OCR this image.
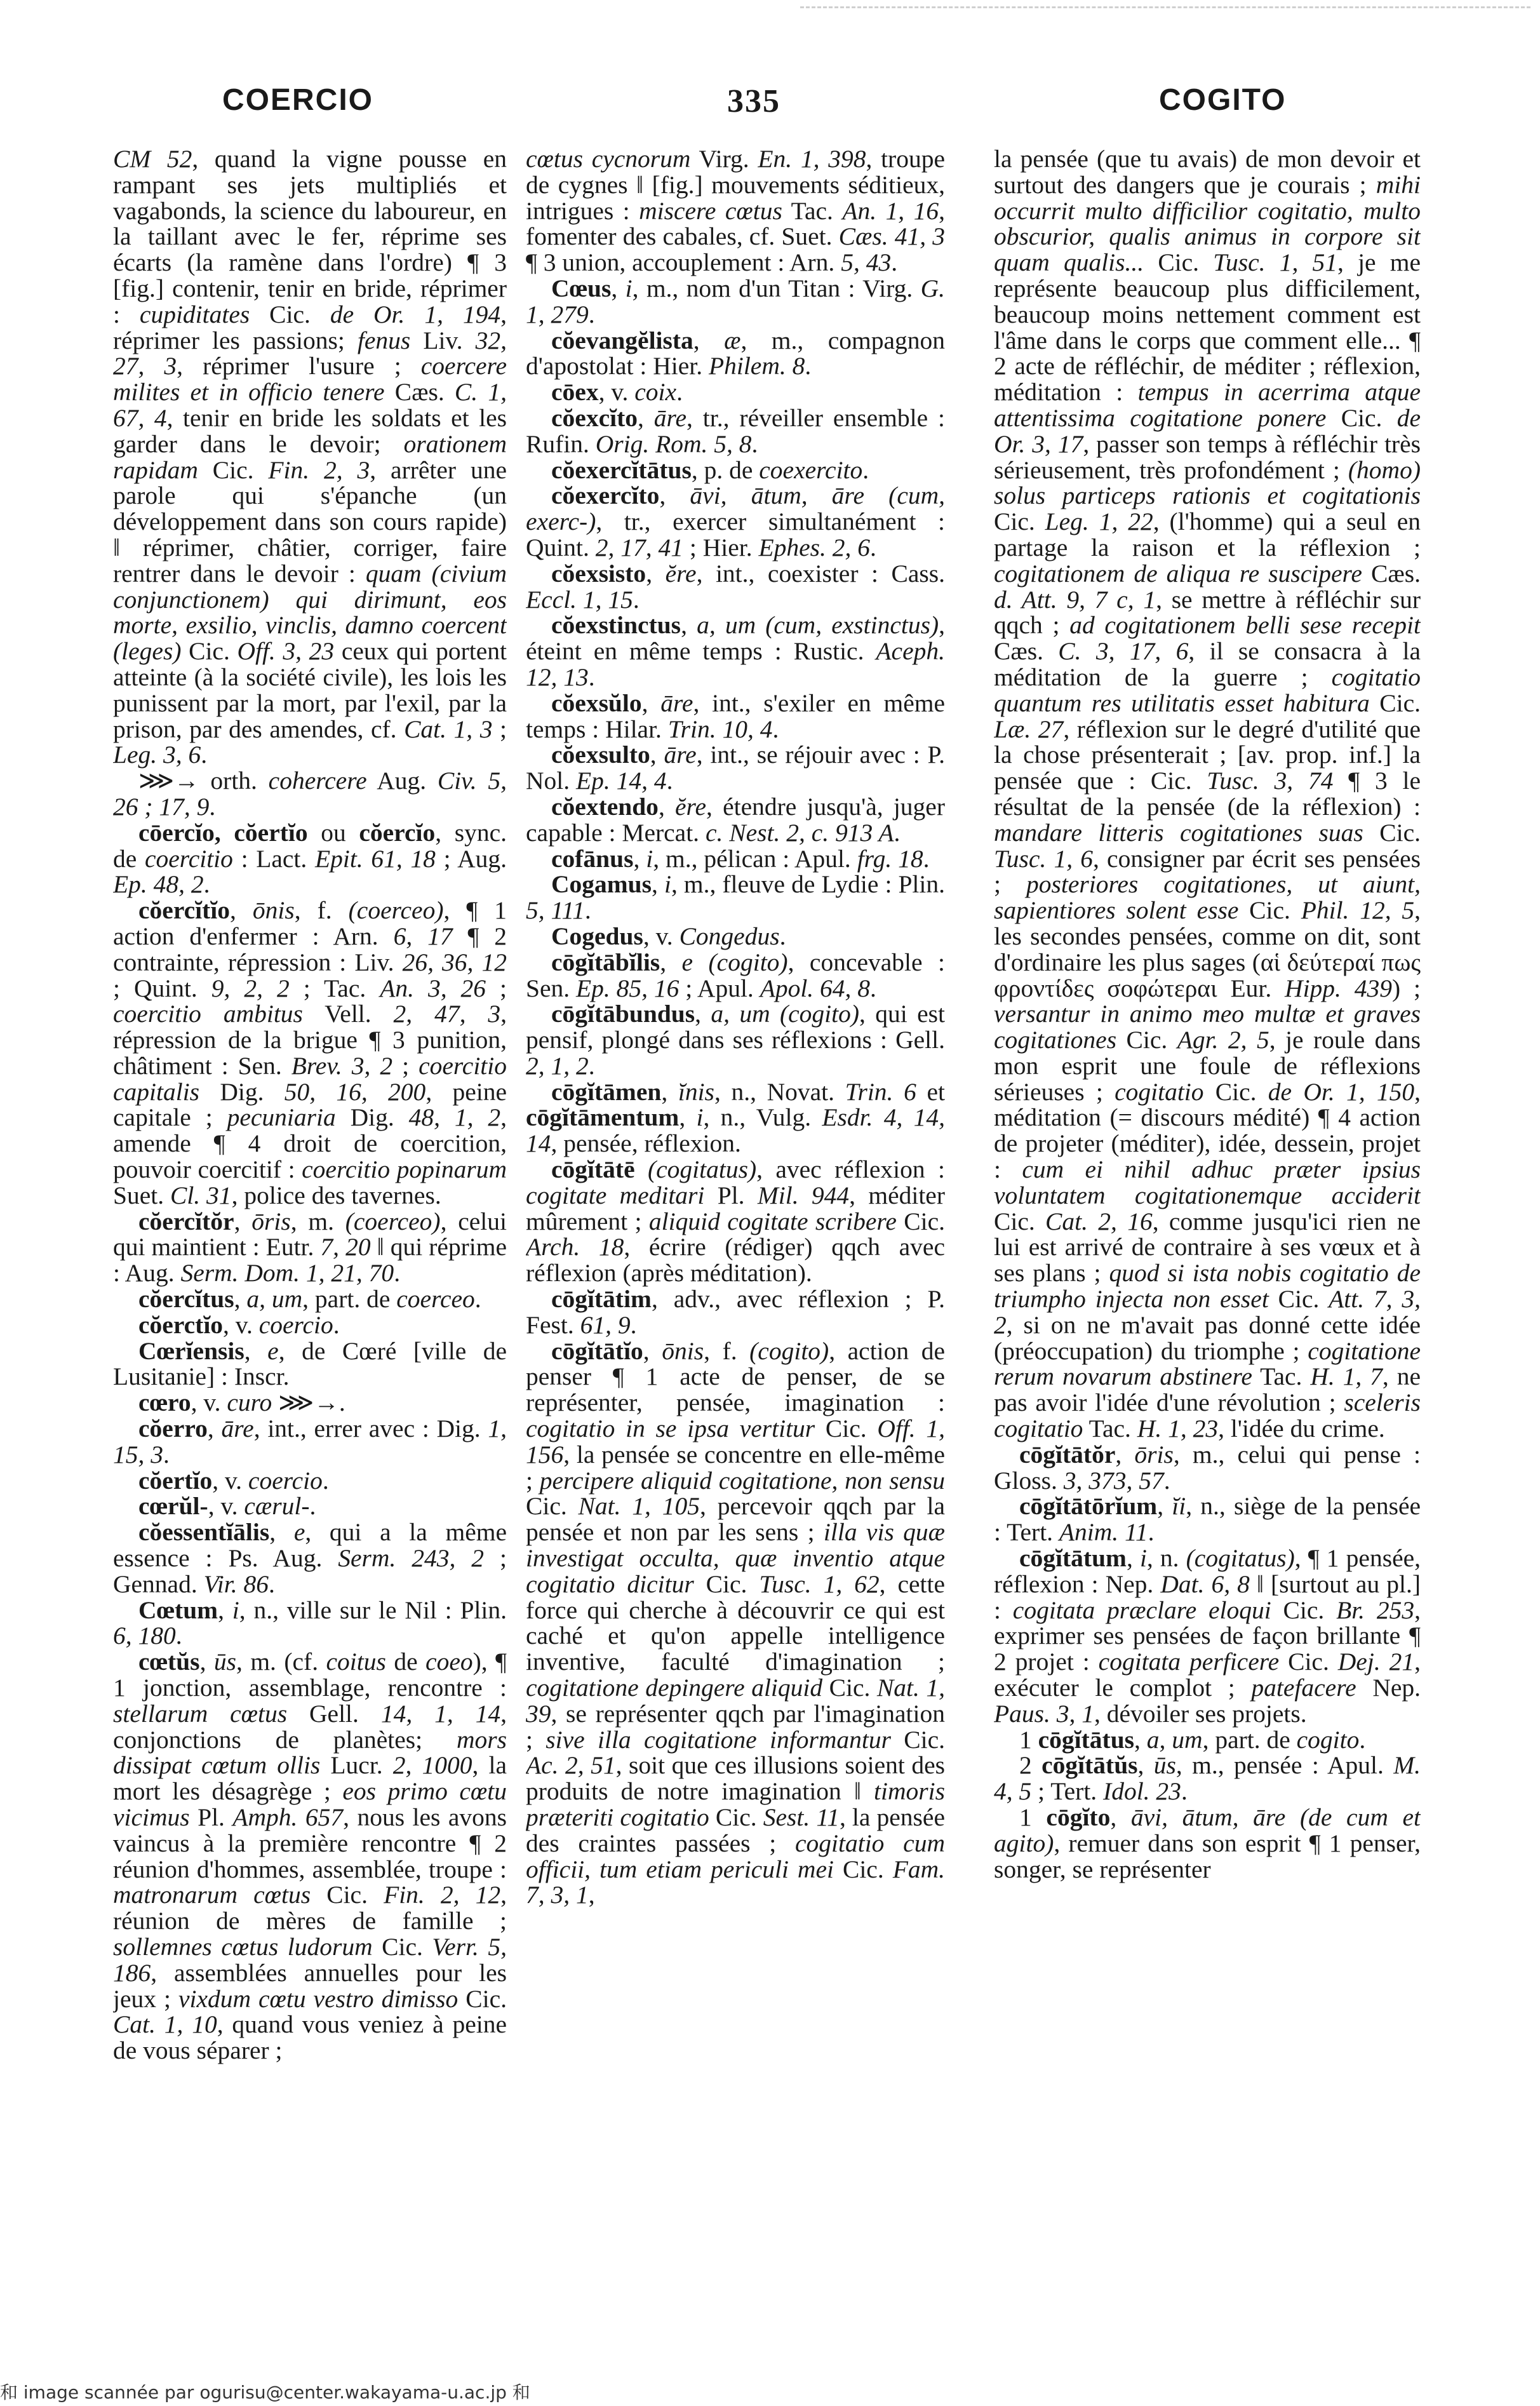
COERCIO	335	COGITO

CM 52, quand la vigne pousse en rampant ses jets multipliés et vagabonds, la science du laboureur, en la taillant avec le fer, réprime ses écarts (la ramène dans l'ordre) ¶ 3 [fig.] contenir, tenir en bride, réprimer : cupiditates Cic. de Or. 1, 194, réprimer les passions; fenus Liv. 32, 27, 3, réprimer l'usure ; coercere milites et in officio tenere Cæs. C. 1, 67, 4, tenir en bride les soldats et les garder dans le devoir; orationem rapidam Cic. Fin. 2, 3, arrêter une parole qui s'épanche (un développement dans son cours rapide) ‖ réprimer, châtier, corriger, faire rentrer dans le devoir : quam (civium conjunctionem) qui dirimunt, eos morte, exsilio, vinclis, damno coercent (leges) Cic. Off. 3, 23 ceux qui portent atteinte (à la société civile), les lois les punissent par la mort, par l'exil, par la prison, par des amendes, cf. Cat. 1, 3 ; Leg. 3, 6.

⋙→ orth. cohercere Aug. Civ. 5, 26 ; 17, 9.

cōercĭo, cŏertĭo ou cŏercĭo, sync. de coercitio : Lact. Epit. 61, 18 ; Aug. Ep. 48, 2.

cŏercĭtĭo, ōnis, f. (coerceo), ¶ 1 action d'enfermer : Arn. 6, 17 ¶ 2 contrainte, répression : Liv. 26, 36, 12 ; Quint. 9, 2, 2 ; Tac. An. 3, 26 ; coercitio ambitus Vell. 2, 47, 3, répression de la brigue ¶ 3 punition, châtiment : Sen. Brev. 3, 2 ; coercitio capitalis Dig. 50, 16, 200, peine capitale ; pecuniaria Dig. 48, 1, 2, amende ¶ 4 droit de coercition, pouvoir coercitif : coercitio popinarum Suet. Cl. 31, police des tavernes.

cŏercĭtŏr, ōris, m. (coerceo), celui qui maintient : Eutr. 7, 20 ‖ qui réprime : Aug. Serm. Dom. 1, 21, 70.

cŏercĭtus, a, um, part. de coerceo.

cŏerctĭo, v. coercio.

Cœrĭensis, e, de Cœré [ville de Lusitanie] : Inscr.

cœro, v. curo ⋙→.

cŏerro, āre, int., errer avec : Dig. 1, 15, 3.

cŏertĭo, v. coercio.

cœrŭl-, v. cærul-.

cŏessentĭālis, e, qui a la même essence : Ps. Aug. Serm. 243, 2 ; Gennad. Vir. 86.

Cœtum, i, n., ville sur le Nil : Plin. 6, 180.

cœtŭs, ūs, m. (cf. coitus de coeo), ¶ 1 jonction, assemblage, rencontre : stellarum cœtus Gell. 14, 1, 14, conjonctions de planètes; mors dissipat cœtum ollis Lucr. 2, 1000, la mort les désagrège ; eos primo cœtu vicimus Pl. Amph. 657, nous les avons vaincus à la première rencontre ¶ 2 réunion d'hommes, assemblée, troupe : matronarum cœtus Cic. Fin. 2, 12, réunion de mères de famille ; sollemnes cœtus ludorum Cic. Verr. 5, 186, assemblées annuelles pour les jeux ; vixdum cœtu vestro dimisso Cic. Cat. 1, 10, quand vous veniez à peine de vous séparer ;

cœtus cycnorum Virg. En. 1, 398, troupe de cygnes ‖ [fig.] mouvements séditieux, intrigues : miscere cœtus Tac. An. 1, 16, fomenter des cabales, cf. Suet. Cæs. 41, 3 ¶ 3 union, accouplement : Arn. 5, 43.

Cœus, i, m., nom d'un Titan : Virg. G. 1, 279.

cŏevangĕlista, æ, m., compagnon d'apostolat : Hier. Philem. 8.

cōex, v. coix.

cŏexcĭto, āre, tr., réveiller ensemble : Rufin. Orig. Rom. 5, 8.

cŏexercĭtātus, p. de coexercito.

cŏexercĭto, āvi, ātum, āre (cum, exerc-), tr., exercer simultanément : Quint. 2, 17, 41 ; Hier. Ephes. 2, 6.

cŏexsisto, ĕre, int., coexister : Cass. Eccl. 1, 15.

cŏexstinctus, a, um (cum, exstinctus), éteint en même temps : Rustic. Aceph. 12, 13.

cŏexsŭlo, āre, int., s'exiler en même temps : Hilar. Trin. 10, 4.

cŏexsulto, āre, int., se réjouir avec : P. Nol. Ep. 14, 4.

cŏextendo, ĕre, étendre jusqu'à, juger capable : Mercat. c. Nest. 2, c. 913 A.

cofānus, i, m., pélican : Apul. frg. 18.

Cogamus, i, m., fleuve de Lydie : Plin. 5, 111.

Cogedus, v. Congedus.

cōgĭtābĭlis, e (cogito), concevable : Sen. Ep. 85, 16 ; Apul. Apol. 64, 8.

cōgĭtābundus, a, um (cogito), qui est pensif, plongé dans ses réflexions : Gell. 2, 1, 2.

cōgĭtāmen, ĭnis, n., Novat. Trin. 6 et cōgĭtāmentum, i, n., Vulg. Esdr. 4, 14, 14, pensée, réflexion.

cōgĭtātē (cogitatus), avec réflexion : cogitate meditari Pl. Mil. 944, méditer mûrement ; aliquid cogitate scribere Cic. Arch. 18, écrire (rédiger) qqch avec réflexion (après méditation).

cōgĭtātim, adv., avec réflexion ; P. Fest. 61, 9.

cōgĭtātĭo, ōnis, f. (cogito), action de penser ¶ 1 acte de penser, de se représenter, pensée, imagination : cogitatio in se ipsa vertitur Cic. Off. 1, 156, la pensée se concentre en elle-même ; percipere aliquid cogitatione, non sensu Cic. Nat. 1, 105, percevoir qqch par la pensée et non par les sens ; illa vis quæ investigat occulta, quæ inventio atque cogitatio dicitur Cic. Tusc. 1, 62, cette force qui cherche à découvrir ce qui est caché et qu'on appelle intelligence inventive, faculté d'imagination ; cogitatione depingere aliquid Cic. Nat. 1, 39, se représenter qqch par l'imagination ; sive illa cogitatione informantur Cic. Ac. 2, 51, soit que ces illusions soient des produits de notre imagination ‖ timoris præteriti cogitatio Cic. Sest. 11, la pensée des craintes passées ; cogitatio cum officii, tum etiam periculi mei Cic. Fam. 7, 3, 1,

la pensée (que tu avais) de mon devoir et surtout des dangers que je courais ; mihi occurrit multo difficilior cogitatio, multo obscurior, qualis animus in corpore sit quam qualis... Cic. Tusc. 1, 51, je me représente beaucoup plus difficilement, beaucoup moins nettement comment est l'âme dans le corps que comment elle... ¶ 2 acte de réfléchir, de méditer ; réflexion, méditation : tempus in acerrima atque attentissima cogitatione ponere Cic. de Or. 3, 17, passer son temps à réfléchir très sérieusement, très profondément ; (homo) solus particeps rationis et cogitationis Cic. Leg. 1, 22, (l'homme) qui a seul en partage la raison et la réflexion ; cogitationem de aliqua re suscipere Cæs. d. Att. 9, 7 c, 1, se mettre à réfléchir sur qqch ; ad cogitationem belli sese recepit Cæs. C. 3, 17, 6, il se consacra à la méditation de la guerre ; cogitatio quantum res utilitatis esset habitura Cic. Læ. 27, réflexion sur le degré d'utilité que la chose présenterait ; [av. prop. inf.] la pensée que : Cic. Tusc. 3, 74 ¶ 3 le résultat de la pensée (de la réflexion) : mandare litteris cogitationes suas Cic. Tusc. 1, 6, consigner par écrit ses pensées ; posteriores cogitationes, ut aiunt, sapientiores solent esse Cic. Phil. 12, 5, les secondes pensées, comme on dit, sont d'ordinaire les plus sages (αἱ δεύτεραί πως φροντίδες σοφώτεραι Eur. Hipp. 439) ; versantur in animo meo multæ et graves cogitationes Cic. Agr. 2, 5, je roule dans mon esprit une foule de réflexions sérieuses ; cogitatio Cic. de Or. 1, 150, méditation (= discours médité) ¶ 4 action de projeter (méditer), idée, dessein, projet : cum ei nihil adhuc præter ipsius voluntatem cogitationemque acciderit Cic. Cat. 2, 16, comme jusqu'ici rien ne lui est arrivé de contraire à ses vœux et à ses plans ; quod si ista nobis cogitatio de triumpho injecta non esset Cic. Att. 7, 3, 2, si on ne m'avait pas donné cette idée (préoccupation) du triomphe ; cogitatione rerum novarum abstinere Tac. H. 1, 7, ne pas avoir l'idée d'une révolution ; sceleris cogitatio Tac. H. 1, 23, l'idée du crime.

cōgĭtātŏr, ōris, m., celui qui pense : Gloss. 3, 373, 57.

cōgĭtātōrĭum, ĭi, n., siège de la pensée : Tert. Anim. 11.

cōgĭtātum, i, n. (cogitatus), ¶ 1 pensée, réflexion : Nep. Dat. 6, 8 ‖ [surtout au pl.] : cogitata præclare eloqui Cic. Br. 253, exprimer ses pensées de façon brillante ¶ 2 projet : cogitata perficere Cic. Dej. 21, exécuter le complot ; patefacere Nep. Paus. 3, 1, dévoiler ses projets.

1 cōgĭtātus, a, um, part. de cogito.

2 cōgĭtātŭs, ūs, m., pensée : Apul. M. 4, 5 ; Tert. Idol. 23.

1 cōgĭto, āvi, ātum, āre (de cum et agito), remuer dans son esprit ¶ 1 penser, songer, se représenter

和 image scannée par ogurisu@center.wakayama-u.ac.jp 和
